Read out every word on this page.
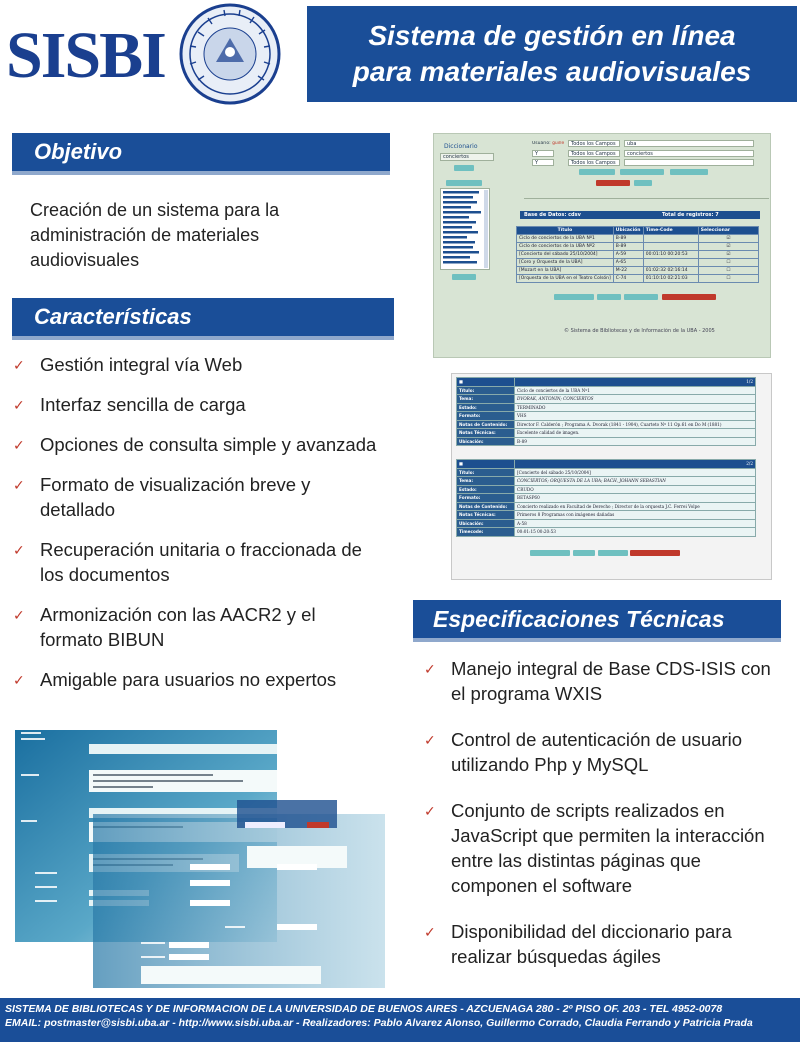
SISBI	Sistema de gestión en línea
para materiales audiovisuales
Objetivo
Creación de un sistema para la administración de materiales audiovisuales
Características
✓ Gestión integral vía Web
✓ Interfaz sencilla de carga
✓ Opciones de consulta simple y avanzada
✓ Formato de visualización breve y detallado
✓ Recuperación unitaria o fraccionada de los documentos
✓ Armonización con las AACR2 y el formato BIBUN
✓ Amigable para usuarios no expertos
Diccionario
conciertos
Usuario: guille	Todos los Campos	uba
Y	Todos los Campos	conciertos
Y	Todos los Campos
Base de Datos: cdsv	Total de registros: 7
Título	Ubicación	Time-Code	Seleccionar
Ciclo de conciertos de la UBA Nº1	B-89		☑
Ciclo de conciertos de la UBA Nº2	B-89		☑
[Concierto del sábado 25/10/2004]	A-59	00:01:10 00:20:53	☑
[Coro y Orquesta de la UBA]	A-65		☐
[Mozart en la UBA]	M-22	01:02:32 02:16:14	☐
[Orquesta de la UBA en el Teatro Colsón]	C-74	01:10:10 02:21:03	☐
© Sistema de Bibliotecas y de Información de la UBA - 2005
■	1/2
Título:	Ciclo de conciertos de la UBA Nº1
Tema:	DVORAK, ANTONIN; CONCIERTOS
Estado:	TERMINADO
Formato:	VHS
Notas de Contenido:	Director F. Calderón ; Programa A. Dvorak (1841 - 1904), Cuarteto Nº 11 Op.61 en Do M (1881)
Notas Técnicas:	Excelente calidad de imagen.
Ubicación:	B-89
■	2/2
Título:	[Concierto del sábado 25/10/2004]
Tema:	CONCIERTOS; ORQUESTA DE LA UBA; BACH, JOHANN SEBASTIAN
Estado:	CRUDO
Formato:	BETASP60
Notas de Contenido:	Concierto realizado en Facultad de Derecho ; Director de la orquesta J.C. Ferrei Volpe
Notas Técnicas:	Primeros 8 Programas con imágenes dañadas
Ubicación:	A-58
Timecode:	00:01:15 00:20:53
Especificaciones Técnicas
✓ Manejo integral de Base CDS-ISIS con el programa WXIS
✓ Control de autenticación de usuario utilizando Php y MySQL
✓ Conjunto de scripts realizados en JavaScript que permiten la interacción entre las distintas páginas que componen el software
✓ Disponibilidad del diccionario para realizar búsquedas ágiles
SISTEMA DE BIBLIOTECAS Y DE INFORMACION DE LA UNIVERSIDAD DE BUENOS AIRES - AZCUENAGA 280 - 2º PISO OF. 203 - TEL 4952-0078
EMAIL: postmaster@sisbi.uba.ar - http://www.sisbi.uba.ar - Realizadores: Pablo Alvarez Alonso, Guillermo Corrado, Claudia Ferrando y Patricia Prada
